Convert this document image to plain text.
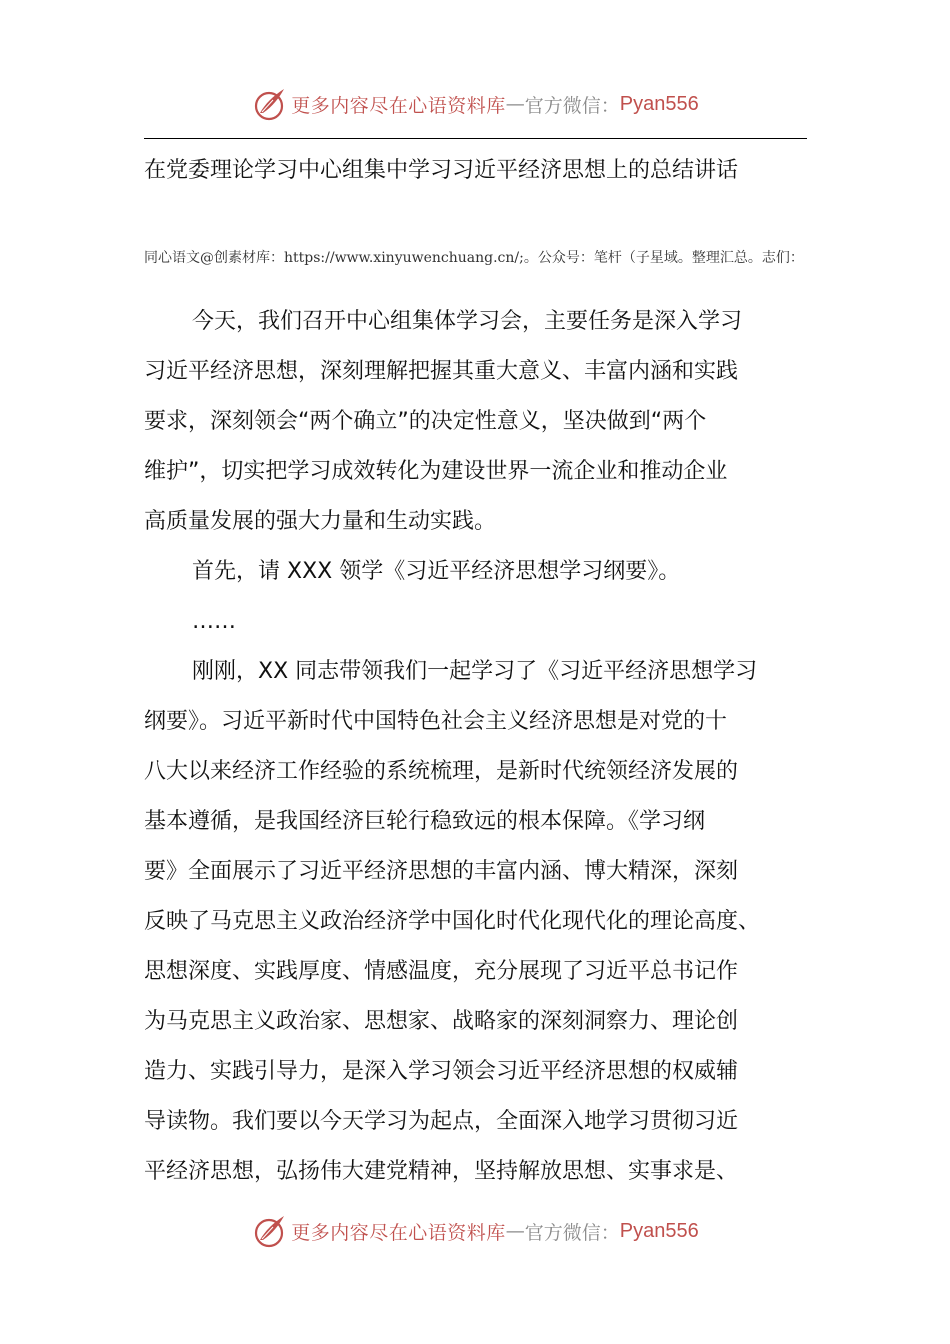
更多内容尽在心语资料库 — 官方微信： Pyan556
在党委理论学习中心组集中学习习近平经济思想上的总结讲话
同心语文@创素材库：https://www.xinyuwenchuang.cn/;。公众号：笔杆（子星域。整理汇总。志们：

今天，我们召开中心组集体学习会，主要任务是深入学习
习近平经济思想，深刻理解把握其重大意义、丰富内涵和实践
要求，深刻领会“两个确立”的决定性意义，坚决做到“两个
维护”，切实把学习成效转化为建设世界一流企业和推动企业
高质量发展的强大力量和生动实践。

首先，请 XXX 领学《习近平经济思想学习纲要》。

……

刚刚，XX 同志带领我们一起学习了《习近平经济思想学习
纲要》。习近平新时代中国特色社会主义经济思想是对党的十
八大以来经济工作经验的系统梳理，是新时代统领经济发展的
基本遵循，是我国经济巨轮行稳致远的根本保障。《学习纲
要》全面展示了习近平经济思想的丰富内涵、博大精深，深刻
反映了马克思主义政治经济学中国化时代化现代化的理论高度、
思想深度、实践厚度、情感温度，充分展现了习近平总书记作
为马克思主义政治家、思想家、战略家的深刻洞察力、理论创
造力、实践引导力，是深入学习领会习近平经济思想的权威辅
导读物。我们要以今天学习为起点，全面深入地学习贯彻习近
平经济思想，弘扬伟大建党精神，坚持解放思想、实事求是、

更多内容尽在心语资料库 — 官方微信： Pyan556
